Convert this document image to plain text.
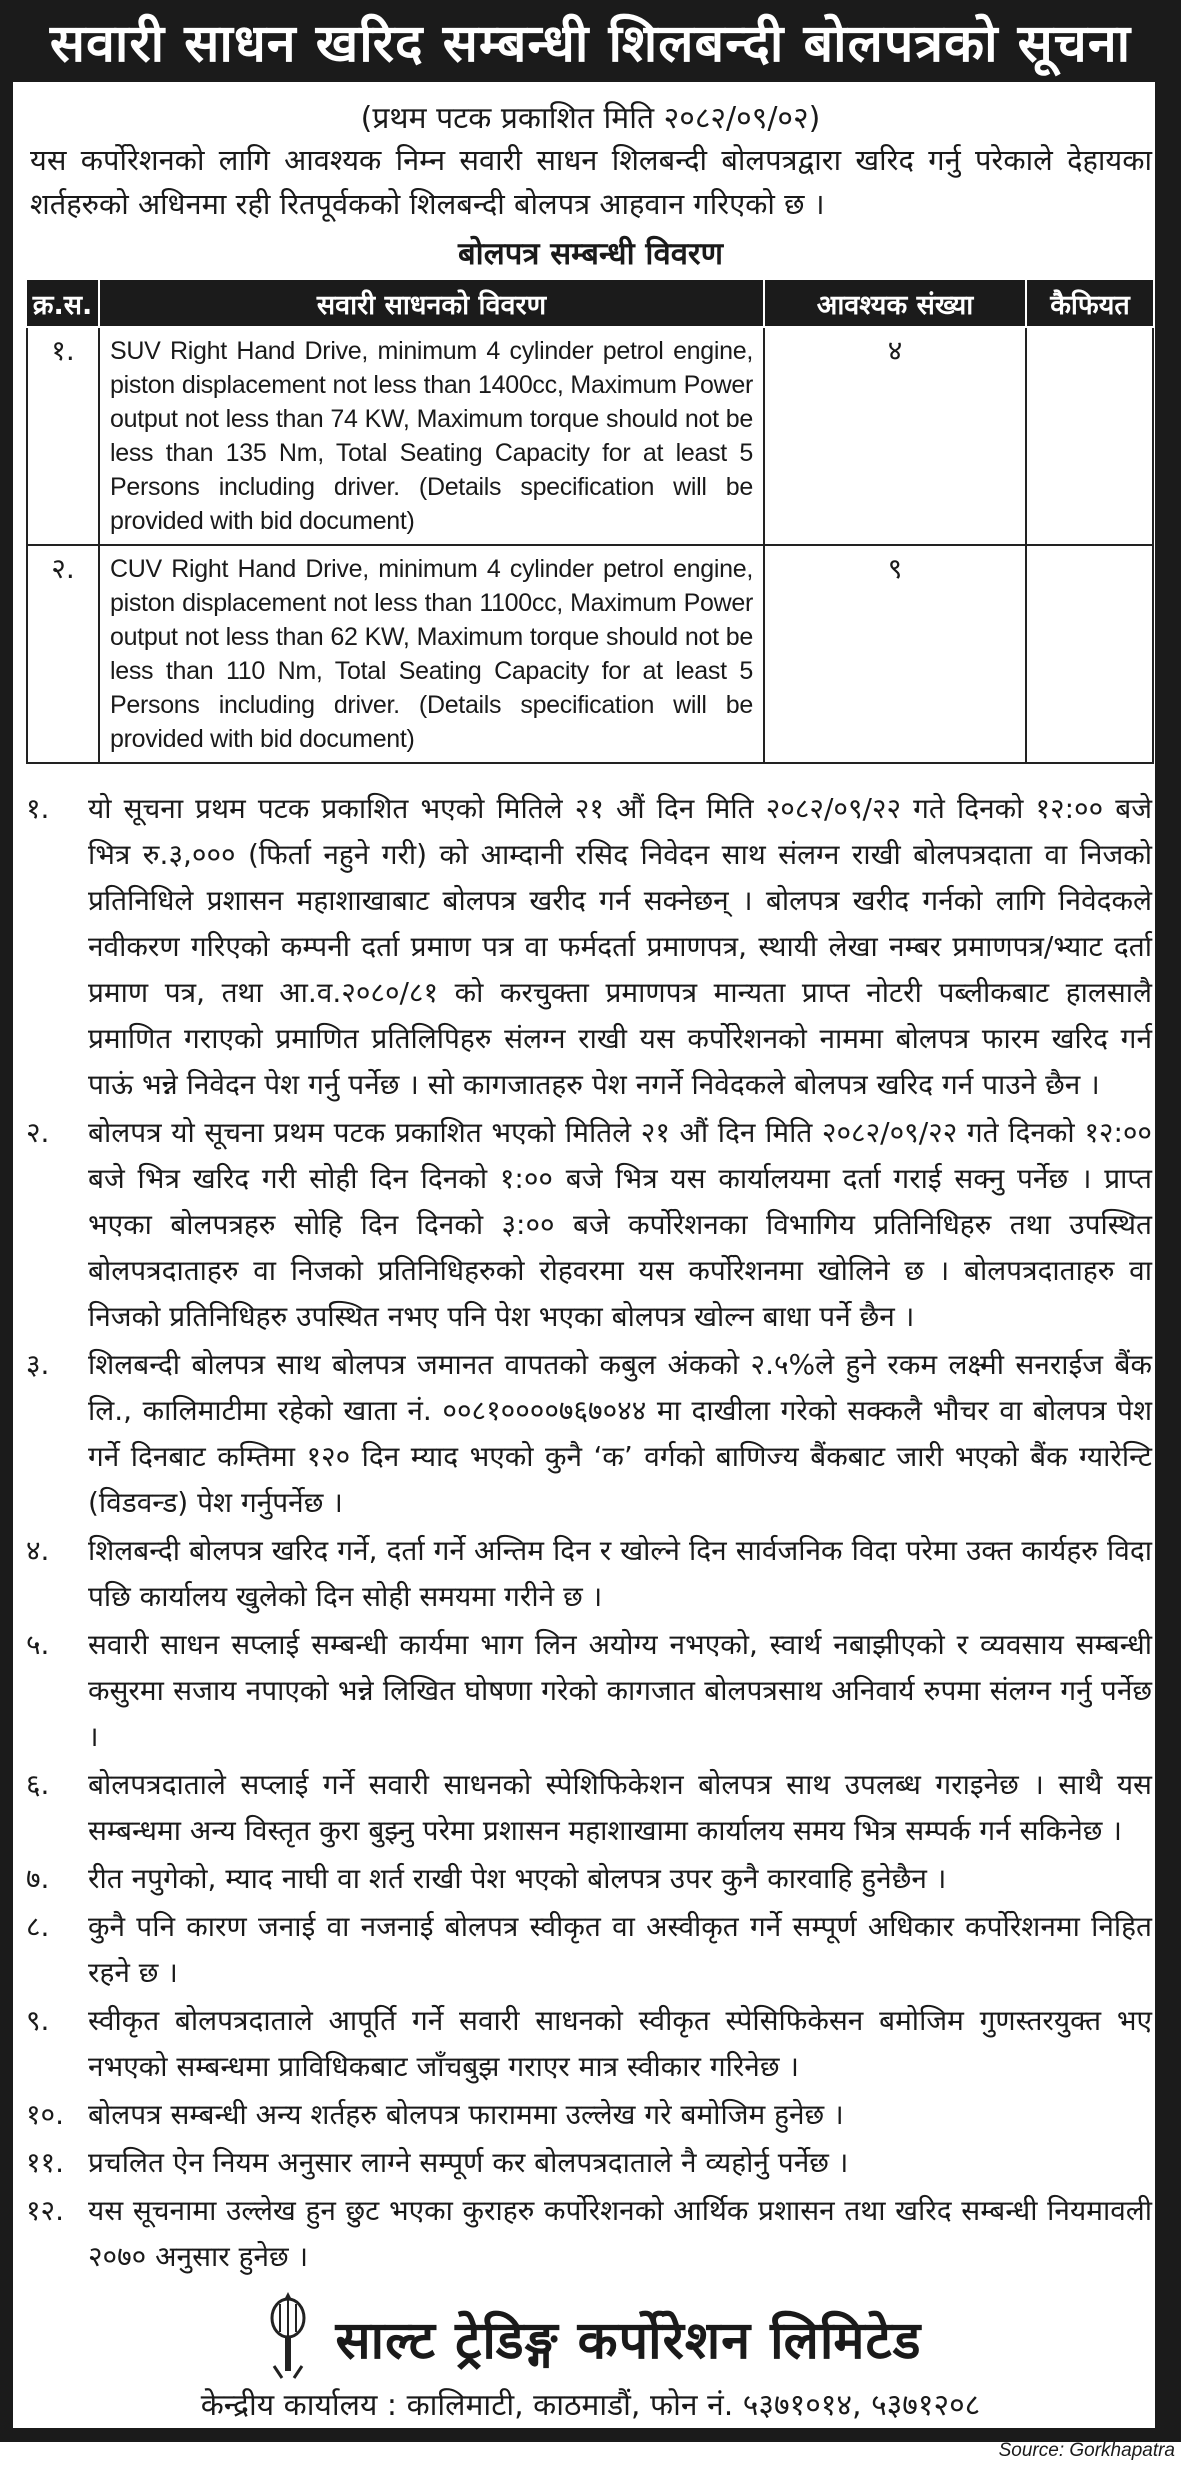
सवारी साधन खरिद सम्बन्धी शिलबन्दी बोलपत्रको सूचना
(प्रथम पटक प्रकाशित मिति २०८२/०९/०२)
यस कर्पोरेशनको लागि आवश्यक निम्न सवारी साधन शिलबन्दी बोलपत्रद्वारा खरिद गर्नु परेकाले देहायका शर्तहरुको अधिनमा रही रितपूर्वकको शिलबन्दी बोलपत्र आहवान गरिएको छ ।
बोलपत्र सम्बन्धी विवरण
क्र.स.	सवारी साधनको विवरण	आवश्यक संख्या	कैफियत
१.	SUV Right Hand Drive, minimum 4 cylinder petrol engine, piston displacement not less than 1400cc, Maximum Power output not less than 74 KW, Maximum torque should not be less than 135 Nm, Total Seating Capacity for at least 5 Persons including driver. (Details specification will be provided with bid document)	४	
२.	CUV Right Hand Drive, minimum 4 cylinder petrol engine, piston displacement not less than 1100cc, Maximum Power output not less than 62 KW, Maximum torque should not be less than 110 Nm, Total Seating Capacity for at least 5 Persons including driver. (Details specification will be provided with bid document)	९	
१.	यो सूचना प्रथम पटक प्रकाशित भएको मितिले २१ औं दिन मिति २०८२/०९/२२ गते दिनको १२:०० बजे भित्र रु.३,००० (फिर्ता नहुने गरी) को आम्दानी रसिद निवेदन साथ संलग्न राखी बोलपत्रदाता वा निजको प्रतिनिधिले प्रशासन महाशाखाबाट बोलपत्र खरीद गर्न सक्नेछन् । बोलपत्र खरीद गर्नको लागि निवेदकले नवीकरण गरिएको कम्पनी दर्ता प्रमाण पत्र वा फर्मदर्ता प्रमाणपत्र, स्थायी लेखा नम्बर प्रमाणपत्र/भ्याट दर्ता प्रमाण पत्र, तथा आ.व.२०८०/८१ को करचुक्ता प्रमाणपत्र मान्यता प्राप्त नोटरी पब्लीकबाट हालसालै प्रमाणित गराएको प्रमाणित प्रतिलिपिहरु संलग्न राखी यस कर्पोरेशनको नाममा बोलपत्र फारम खरिद गर्न पाऊं भन्ने निवेदन पेश गर्नु पर्नेछ । सो कागजातहरु पेश नगर्ने निवेदकले बोलपत्र खरिद गर्न पाउने छैन ।
२.	बोलपत्र यो सूचना प्रथम पटक प्रकाशित भएको मितिले २१ औं दिन मिति २०८२/०९/२२ गते दिनको १२:०० बजे भित्र खरिद गरी सोही दिन दिनको १:०० बजे भित्र यस कार्यालयमा दर्ता गराई सक्नु पर्नेछ । प्राप्त भएका बोलपत्रहरु सोहि दिन दिनको ३:०० बजे कर्पोरेशनका विभागिय प्रतिनिधिहरु तथा उपस्थित बोलपत्रदाताहरु वा निजको प्रतिनिधिहरुको रोहवरमा यस कर्पोरेशनमा खोलिने छ । बोलपत्रदाताहरु वा निजको प्रतिनिधिहरु उपस्थित नभए पनि पेश भएका बोलपत्र खोल्न बाधा पर्ने छैन ।
३.	शिलबन्दी बोलपत्र साथ बोलपत्र जमानत वापतको कबुल अंकको २.५%ले हुने रकम लक्ष्मी सनराईज बैंक लि., कालिमाटीमा रहेको खाता नं. ००८१००००७६७०४४ मा दाखीला गरेको सक्कलै भौचर वा बोलपत्र पेश गर्ने दिनबाट कम्तिमा १२० दिन म्याद भएको कुनै ‘क’ वर्गको बाणिज्य बैंकबाट जारी भएको बैंक ग्यारेन्टि (विडवन्ड) पेश गर्नुपर्नेछ ।
४.	शिलबन्दी बोलपत्र खरिद गर्ने, दर्ता गर्ने अन्तिम दिन र खोल्ने दिन सार्वजनिक विदा परेमा उक्त कार्यहरु विदा पछि कार्यालय खुलेको दिन सोही समयमा गरीने छ ।
५.	सवारी साधन सप्लाई सम्बन्धी कार्यमा भाग लिन अयोग्य नभएको, स्वार्थ नबाझीएको र व्यवसाय सम्बन्धी कसुरमा सजाय नपाएको भन्ने लिखित घोषणा गरेको कागजात बोलपत्रसाथ अनिवार्य रुपमा संलग्न गर्नु पर्नेछ ।
६.	बोलपत्रदाताले सप्लाई गर्ने सवारी साधनको स्पेशिफिकेशन बोलपत्र साथ उपलब्ध गराइनेछ । साथै यस सम्बन्धमा अन्य विस्तृत कुरा बुझ्नु परेमा प्रशासन महाशाखामा कार्यालय समय भित्र सम्पर्क गर्न सकिनेछ ।
७.	रीत नपुगेको, म्याद नाघी वा शर्त राखी पेश भएको बोलपत्र उपर कुनै कारवाहि हुनेछैन ।
८.	कुनै पनि कारण जनाई वा नजनाई बोलपत्र स्वीकृत वा अस्वीकृत गर्ने सम्पूर्ण अधिकार कर्पोरेशनमा निहित रहने छ ।
९.	स्वीकृत बोलपत्रदाताले आपूर्ति गर्ने सवारी साधनको स्वीकृत स्पेसिफिकेसन बमोजिम गुणस्तरयुक्त भए नभएको सम्बन्धमा प्राविधिकबाट जाँचबुझ गराएर मात्र स्वीकार गरिनेछ ।
१०. बोलपत्र सम्बन्धी अन्य शर्तहरु बोलपत्र फाराममा उल्लेख गरे बमोजिम हुनेछ ।
११. प्रचलित ऐन नियम अनुसार लाग्ने सम्पूर्ण कर बोलपत्रदाताले नै व्यहोर्नु पर्नेछ ।
१२. यस सूचनामा उल्लेख हुन छुट भएका कुराहरु कर्पोरेशनको आर्थिक प्रशासन तथा खरिद सम्बन्धी नियमावली २०७० अनुसार हुनेछ ।
साल्ट ट्रेडिङ्ग कर्पोरेशन लिमिटेड
केन्द्रीय कार्यालय : कालिमाटी, काठमाडौं, फोन नं. ५३७१०१४, ५३७१२०८
Source: Gorkhapatra
